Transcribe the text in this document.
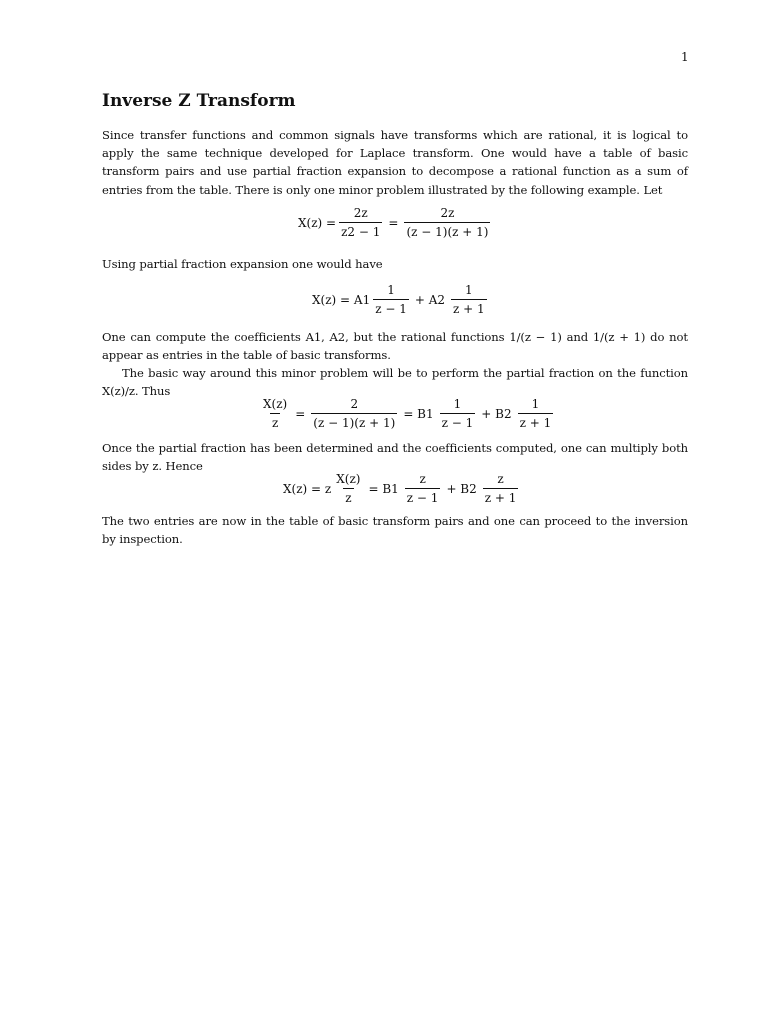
1
Inverse Z Transform

Since transfer functions and common signals have transforms which are rational, it is logical to apply the same technique developed for Laplace transform. One would have a table of basic transform pairs and use partial fraction expansion to decompose a rational function as a sum of entries from the table. There is only one minor problem illustrated by the following example. Let

$X(z) = \frac{2z}{z2 - 1} = \frac{2z}{(z - 1)(z + 1)}$

Using partial fraction expansion one would have

$X(z) = A1 \frac{1}{z - 1} + A2 \frac{1}{z + 1}$

One can compute the coefficients A1, A2, but the rational functions 1/(z − 1) and 1/(z + 1) do not appear as entries in the table of basic transforms.

The basic way around this minor problem will be to perform the partial fraction on the function X(z)/z. Thus

$\frac{X(z)}{z} = \frac{2}{(z - 1)(z + 1)} = B1 \frac{1}{z - 1} + B2 \frac{1}{z + 1}$

Once the partial fraction has been determined and the coefficients computed, one can multiply both sides by z. Hence

X(z) = z $\frac{X(z)}{z} = B1 \frac{z}{z - 1} + B2 \frac{z}{z + 1}$

The two entries are now in the table of basic transform pairs and one can proceed to the inversion by inspection.
